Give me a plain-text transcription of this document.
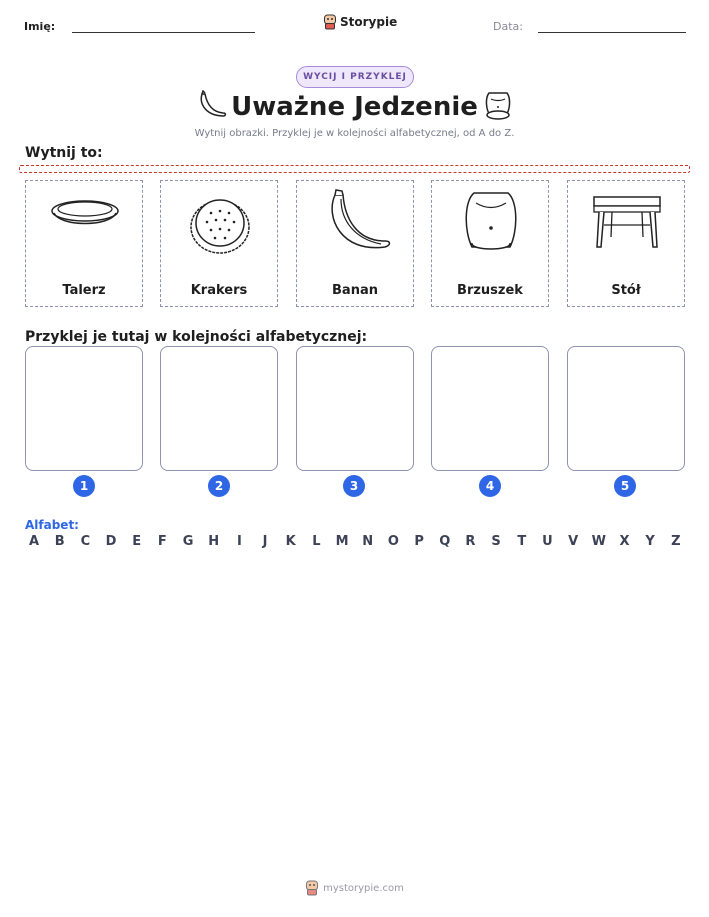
Imię:	Storypie	Data:
WYCIJ I PRZYKLEJ
Uważne Jedzenie
Wytnij obrazki. Przyklej je w kolejności alfabetycznej, od A do Z.
Wytnij to:
Talerz	Krakers	Banan	Brzuszek	Stół
Przyklej je tutaj w kolejności alfabetycznej:
1	2	3	4	5
Alfabet:
A	B	C	D	E	F	G H	I	J	K	L	M N O	P	Q	R	S	T	U	V	W	X	Y	Z
mystorypie.com
